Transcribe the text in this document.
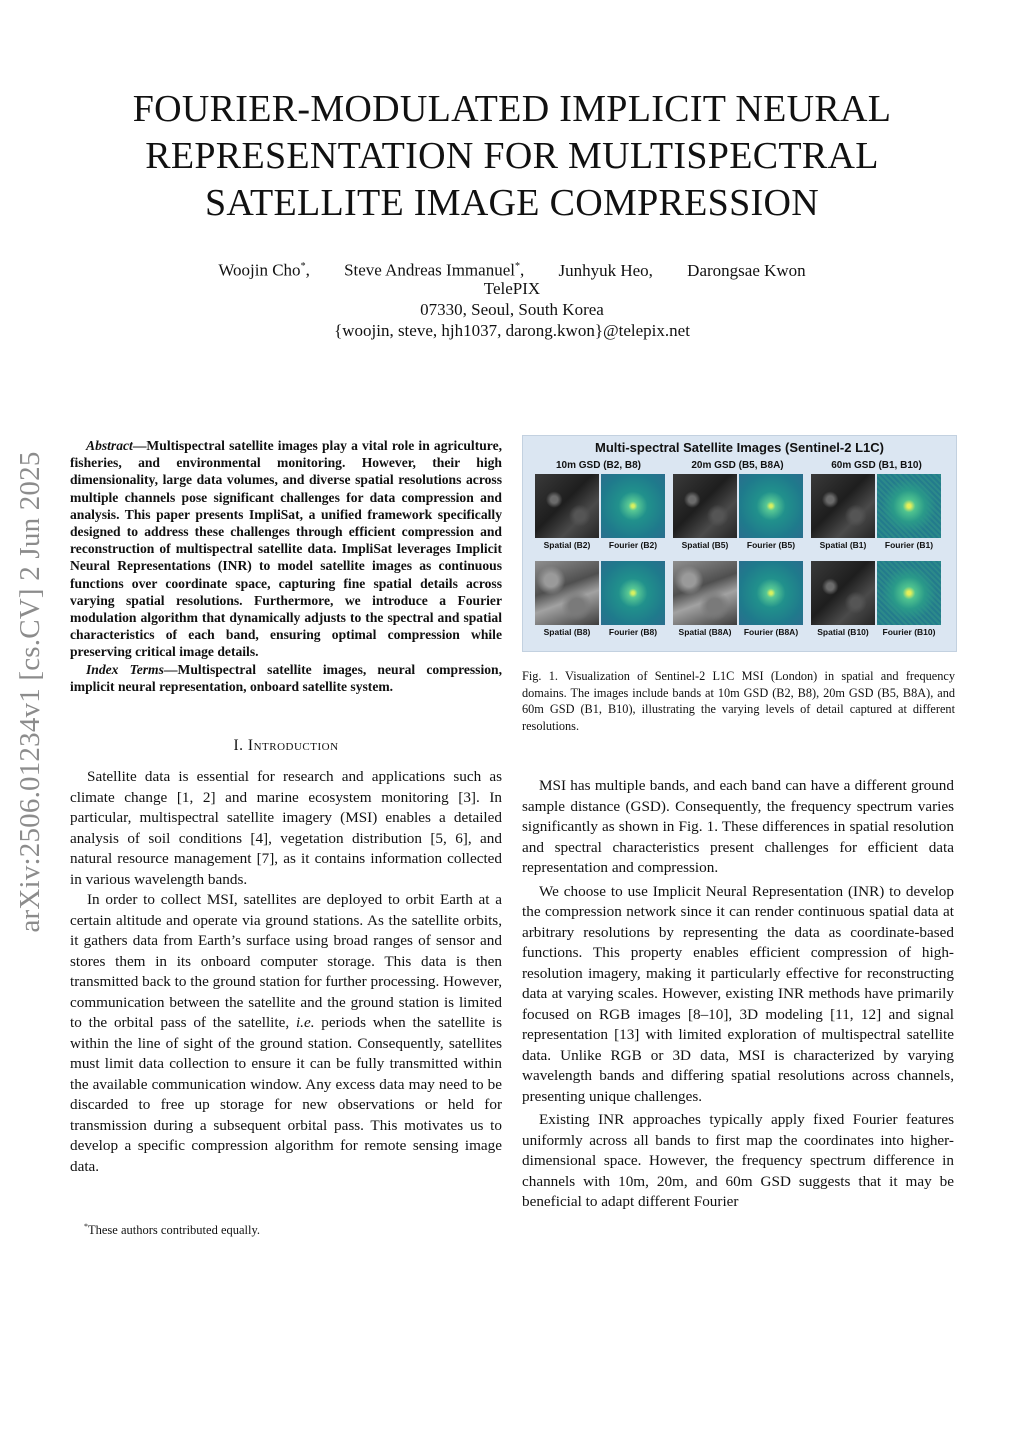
arXiv:2506.01234v1 [cs.CV] 2 Jun 2025
FOURIER-MODULATED IMPLICIT NEURAL
REPRESENTATION FOR MULTISPECTRAL
SATELLITE IMAGE COMPRESSION
Woojin Cho*, Steve Andreas Immanuel*, Junhyuk Heo, Darongsae Kwon
TelePIX
07330, Seoul, South Korea
{woojin, steve, hjh1037, darong.kwon}@telepix.net

Abstract—Multispectral satellite images play a vital role in agriculture, fisheries, and environmental monitoring. However, their high dimensionality, large data volumes, and diverse spatial resolutions across multiple channels pose significant challenges for data compression and analysis. This paper presents ImpliSat, a unified framework specifically designed to address these challenges through efficient compression and reconstruction of multispectral satellite data. ImpliSat leverages Implicit Neural Representations (INR) to model satellite images as continuous functions over coordinate space, capturing fine spatial details across varying spatial resolutions. Furthermore, we introduce a Fourier modulation algorithm that dynamically adjusts to the spectral and spatial characteristics of each band, ensuring optimal compression while preserving critical image details.

Index Terms—Multispectral satellite images, neural compression, implicit neural representation, onboard satellite system.

I. Introduction

Satellite data is essential for research and applications such as climate change [1, 2] and marine ecosystem monitoring [3]. In particular, multispectral satellite imagery (MSI) enables a detailed analysis of soil conditions [4], vegetation distribution [5, 6], and natural resource management [7], as it contains information collected in various wavelength bands.

In order to collect MSI, satellites are deployed to orbit Earth at a certain altitude and operate via ground stations. As the satellite orbits, it gathers data from Earth’s surface using broad ranges of sensor and stores them in its onboard computer storage. This data is then transmitted back to the ground station for further processing. However, communication between the satellite and the ground station is limited to the orbital pass of the satellite, i.e. periods when the satellite is within the line of sight of the ground station. Consequently, satellites must limit data collection to ensure it can be fully transmitted within the available communication window. Any excess data may need to be discarded to free up storage for new observations or held for transmission during a subsequent orbital pass. This motivates us to develop a specific compression algorithm for remote sensing image data.

*These authors contributed equally.
Multi-spectral Satellite Images (Sentinel-2 L1C)
10m GSD (B2, B8)	20m GSD (B5, B8A)	60m GSD (B1, B10)
Spatial (B2)	Fourier (B2)	Spatial (B5)	Fourier (B5)	Spatial (B1)	Fourier (B1)
Spatial (B8)	Fourier (B8)	Spatial (B8A)	Fourier (B8A)	Spatial (B10)	Fourier (B10)
Fig. 1. Visualization of Sentinel-2 L1C MSI (London) in spatial and frequency domains. The images include bands at 10m GSD (B2, B8), 20m GSD (B5, B8A), and 60m GSD (B1, B10), illustrating the varying levels of detail captured at different resolutions.

MSI has multiple bands, and each band can have a different ground sample distance (GSD). Consequently, the frequency spectrum varies significantly as shown in Fig. 1. These differences in spatial resolution and spectral characteristics present challenges for efficient data representation and compression.

We choose to use Implicit Neural Representation (INR) to develop the compression network since it can render continuous spatial data at arbitrary resolutions by representing the data as coordinate-based functions. This property enables efficient compression of high-resolution imagery, making it particularly effective for reconstructing data at varying scales. However, existing INR methods have primarily focused on RGB images [8–10], 3D modeling [11, 12] and signal representation [13] with limited exploration of multispectral satellite data. Unlike RGB or 3D data, MSI is characterized by varying wavelength bands and differing spatial resolutions across channels, presenting unique challenges.

Existing INR approaches typically apply fixed Fourier features uniformly across all bands to first map the coordinates into higher-dimensional space. However, the frequency spectrum difference in channels with 10m, 20m, and 60m GSD suggests that it may be beneficial to adapt different Fourier
